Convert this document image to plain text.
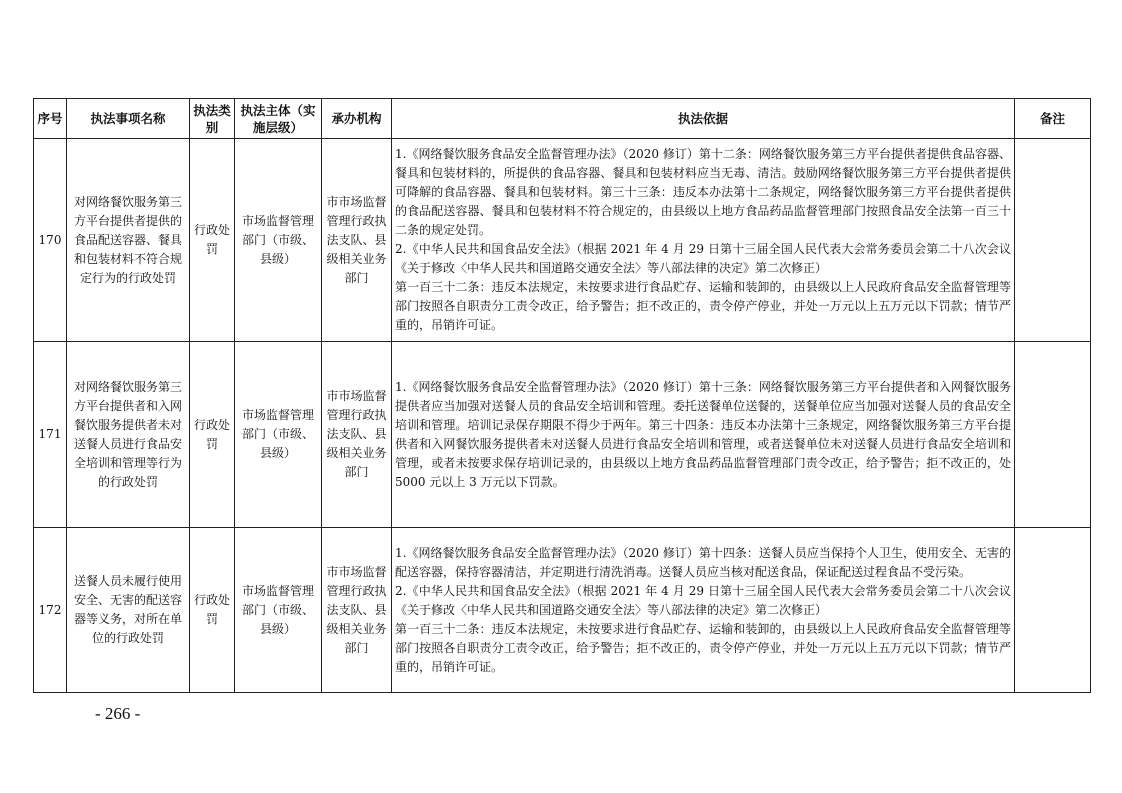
序号	执法事项名称	执法类别	执法主体（实施层级）	承办机构	执法依据	备注
170	对网络餐饮服务第三方平台提供者提供的食品配送容器、餐具和包装材料不符合规定行为的行政处罚	行政处罚	市场监督管理部门（市级、县级）	市市场监督管理行政执法支队、县级相关业务部门	1.《网络餐饮服务食品安全监督管理办法》（2020 修订）第十二条：网络餐饮服务第三方平台提供者提供食品容器、餐具和包装材料的，所提供的食品容器、餐具和包装材料应当无毒、清洁。鼓励网络餐饮服务第三方平台提供者提供可降解的食品容器、餐具和包装材料。第三十三条：违反本办法第十二条规定，网络餐饮服务第三方平台提供者提供的食品配送容器、餐具和包装材料不符合规定的，由县级以上地方食品药品监督管理部门按照食品安全法第一百三十二条的规定处罚。

2.《中华人民共和国食品安全法》（根据 2021 年 4 月 29 日第十三届全国人民代表大会常务委员会第二十八次会议《关于修改〈中华人民共和国道路交通安全法〉等八部法律的决定》第二次修正）

第一百三十二条：违反本法规定，未按要求进行食品贮存、运输和装卸的，由县级以上人民政府食品安全监督管理等部门按照各自职责分工责令改正，给予警告；拒不改正的，责令停产停业，并处一万元以上五万元以下罚款；情节严重的，吊销许可证。	

171	对网络餐饮服务第三方平台提供者和入网餐饮服务提供者未对送餐人员进行食品安全培训和管理等行为的行政处罚	行政处罚	市场监督管理部门（市级、县级）	市市场监督管理行政执法支队、县级相关业务部门	1.《网络餐饮服务食品安全监督管理办法》（2020 修订）第十三条：网络餐饮服务第三方平台提供者和入网餐饮服务提供者应当加强对送餐人员的食品安全培训和管理。委托送餐单位送餐的，送餐单位应当加强对送餐人员的食品安全培训和管理。培训记录保存期限不得少于两年。第三十四条：违反本办法第十三条规定，网络餐饮服务第三方平台提供者和入网餐饮服务提供者未对送餐人员进行食品安全培训和管理，或者送餐单位未对送餐人员进行食品安全培训和管理，或者未按要求保存培训记录的，由县级以上地方食品药品监督管理部门责令改正，给予警告；拒不改正的，处 5000 元以上 3 万元以下罚款。	

172	送餐人员未履行使用安全、无害的配送容器等义务，对所在单位的行政处罚	行政处罚	市场监督管理部门（市级、县级）	市市场监督管理行政执法支队、县级相关业务部门	1.《网络餐饮服务食品安全监督管理办法》（2020 修订）第十四条：送餐人员应当保持个人卫生，使用安全、无害的配送容器，保持容器清洁，并定期进行清洗消毒。送餐人员应当核对配送食品，保证配送过程食品不受污染。

2.《中华人民共和国食品安全法》（根据 2021 年 4 月 29 日第十三届全国人民代表大会常务委员会第二十八次会议《关于修改〈中华人民共和国道路交通安全法〉等八部法律的决定》第二次修正）

第一百三十二条：违反本法规定，未按要求进行食品贮存、运输和装卸的，由县级以上人民政府食品安全监督管理等部门按照各自职责分工责令改正，给予警告；拒不改正的，责令停产停业，并处一万元以上五万元以下罚款；情节严重的，吊销许可证。	

- 266 -
